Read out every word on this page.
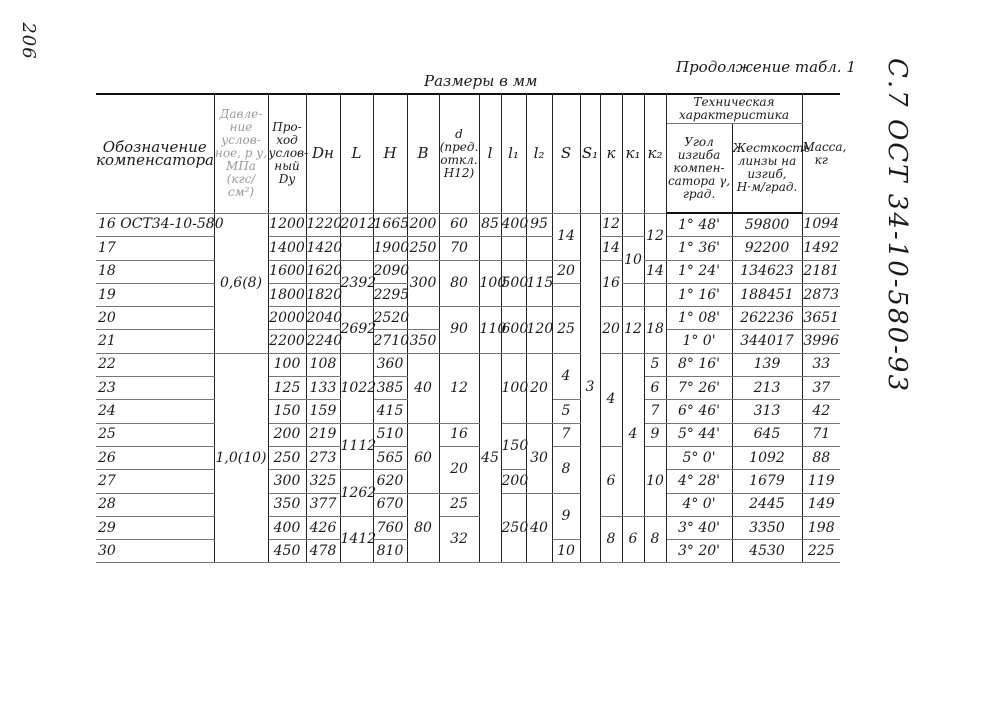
206
С.7 ОСТ 34-10-580-93
Продолжение табл. 1
Размеры в мм
Обозначение компенсатора	Давле- ние услов- ное, р у, МПа (кгс/см²)	Про- ход услов- ный Dy	Dн	L	H	B	d (пред. откл. H12)	l	l₁	l₂	S	S₁	к	к₁	к₂	Техническая характеристика		Масса, кг
																Угол изгиба компен- сатора γ, град.	Жесткость линзы на изгиб, Н·м/град.	
16 ОСТ34-10-580	0,6(8)	1200	1220	2012	1665	200	60	85	400	95	14	3	12		12	1° 48'	59800	1094
17		1400	1420		1900	250	70						14	10		1° 36'	92200	1492
18		1600	1620	2392	2090	300	80	100	500	115	20		16		14	1° 24'	134623	2181
19		1800	1820		2295											1° 16'	188451	2873
20		2000	2040	2692	2520		90	110	600	120	25		20	12	18	1° 08'	262236	3651
21		2200	2240		2710	350										1° 0'	344017	3996
22	1,0(10)	100	108	1022	360	40	12	45	100	20	4		4	4	5	8° 16'	139	33
23		125	133		385										6	7° 26'	213	37
24		150	159		415						5				7	6° 46'	313	42
25		200	219	1112	510	60	16		150	30	7				9	5° 44'	645	71
26		250	273		565		20				8		6		10	5° 0'	1092	88
27		300	325	1262	620				200							4° 28'	1679	119
28		350	377		670	80	25		250	40	9					4° 0'	2445	149
29		400	426	1412	760		32						8	6	8	3° 40'	3350	198
30		450	478		810						10					3° 20'	4530	225
